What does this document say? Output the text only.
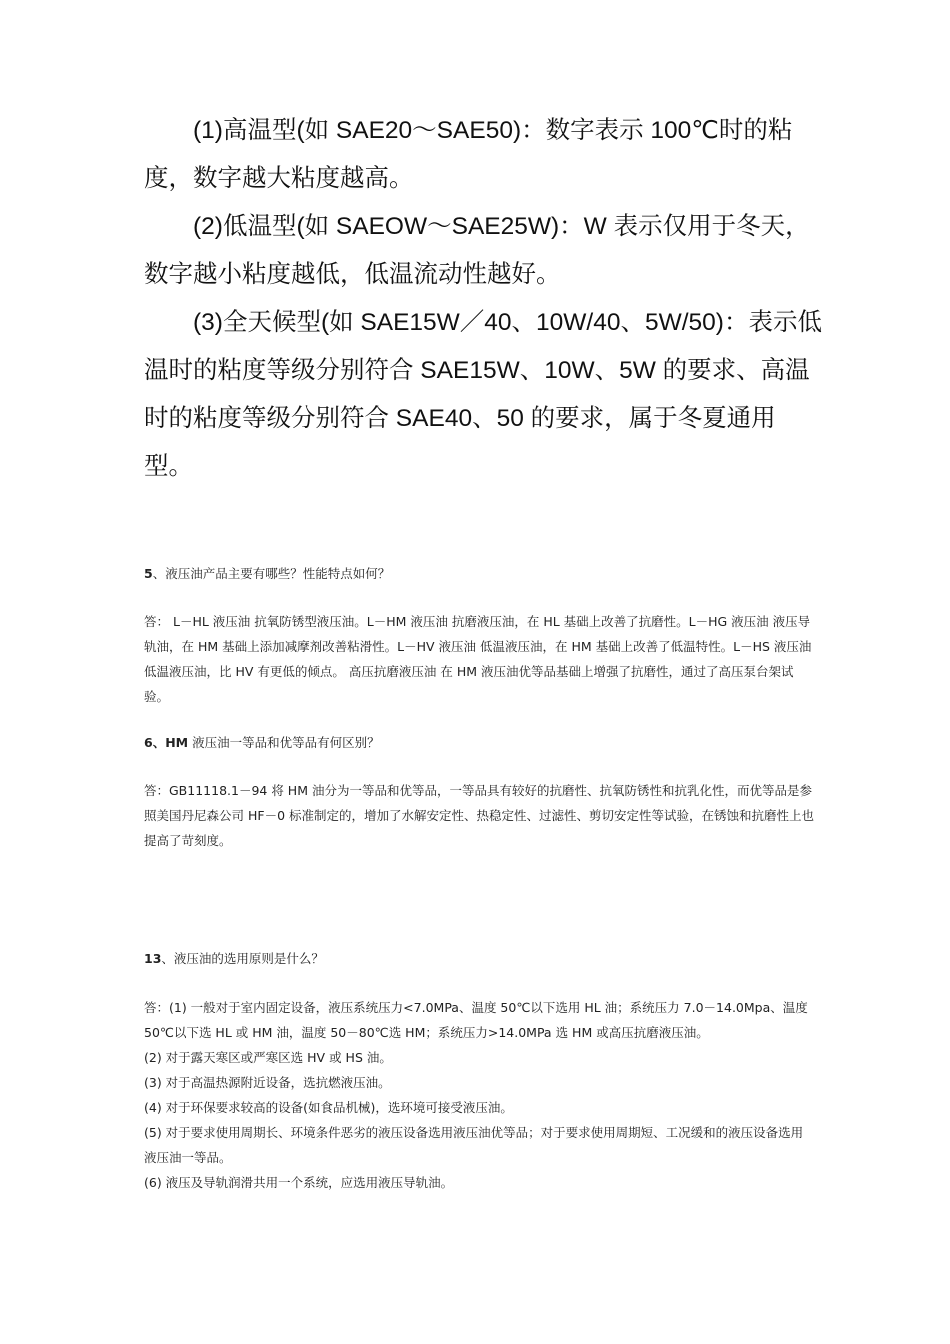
(1)高温型(如 SAE20～SAE50)：数字表示 100℃时的粘度，数字越大粘度越高。

(2)低温型(如 SAEOW～SAE25W)：W 表示仅用于冬天，数字越小粘度越低，低温流动性越好。

(3)全天候型(如 SAE15W／40、10W/40、5W/50)：表示低温时的粘度等级分别符合 SAE15W、10W、5W 的要求、高温时的粘度等级分别符合 SAE40、50 的要求，属于冬夏通用型。

5、液压油产品主要有哪些？性能特点如何？

答： L－HL 液压油 抗氧防锈型液压油。L－HM 液压油 抗磨液压油，在 HL 基础上改善了抗磨性。L－HG 液压油 液压导轨油，在 HM 基础上添加减摩剂改善粘滑性。L－HV 液压油 低温液压油，在 HM 基础上改善了低温特性。L－HS 液压油 低温液压油，比 HV 有更低的倾点。 高压抗磨液压油 在 HM 液压油优等品基础上增强了抗磨性，通过了高压泵台架试验。

6、HM 液压油一等品和优等品有何区别？

答：GB11118.1－94 将 HM 油分为一等品和优等品，一等品具有较好的抗磨性、抗氧防锈性和抗乳化性，而优等品是参照美国丹尼森公司 HF－0 标准制定的，增加了水解安定性、热稳定性、过滤性、剪切安定性等试验，在锈蚀和抗磨性上也提高了苛刻度。

13、液压油的选用原则是什么？

答：(1) 一般对于室内固定设备，液压系统压力<7.0MPa、温度 50℃以下选用 HL 油；系统压力 7.0－14.0Mpa、温度 50℃以下选 HL 或 HM 油，温度 50－80℃选 HM；系统压力>14.0MPa 选 HM 或高压抗磨液压油。

(2) 对于露天寒区或严寒区选 HV 或 HS 油。

(3) 对于高温热源附近设备，选抗燃液压油。

(4) 对于环保要求较高的设备(如食品机械)，选环境可接受液压油。

(5) 对于要求使用周期长、环境条件恶劣的液压设备选用液压油优等品；对于要求使用周期短、工况缓和的液压设备选用液压油一等品。

(6) 液压及导轨润滑共用一个系统，应选用液压导轨油。
